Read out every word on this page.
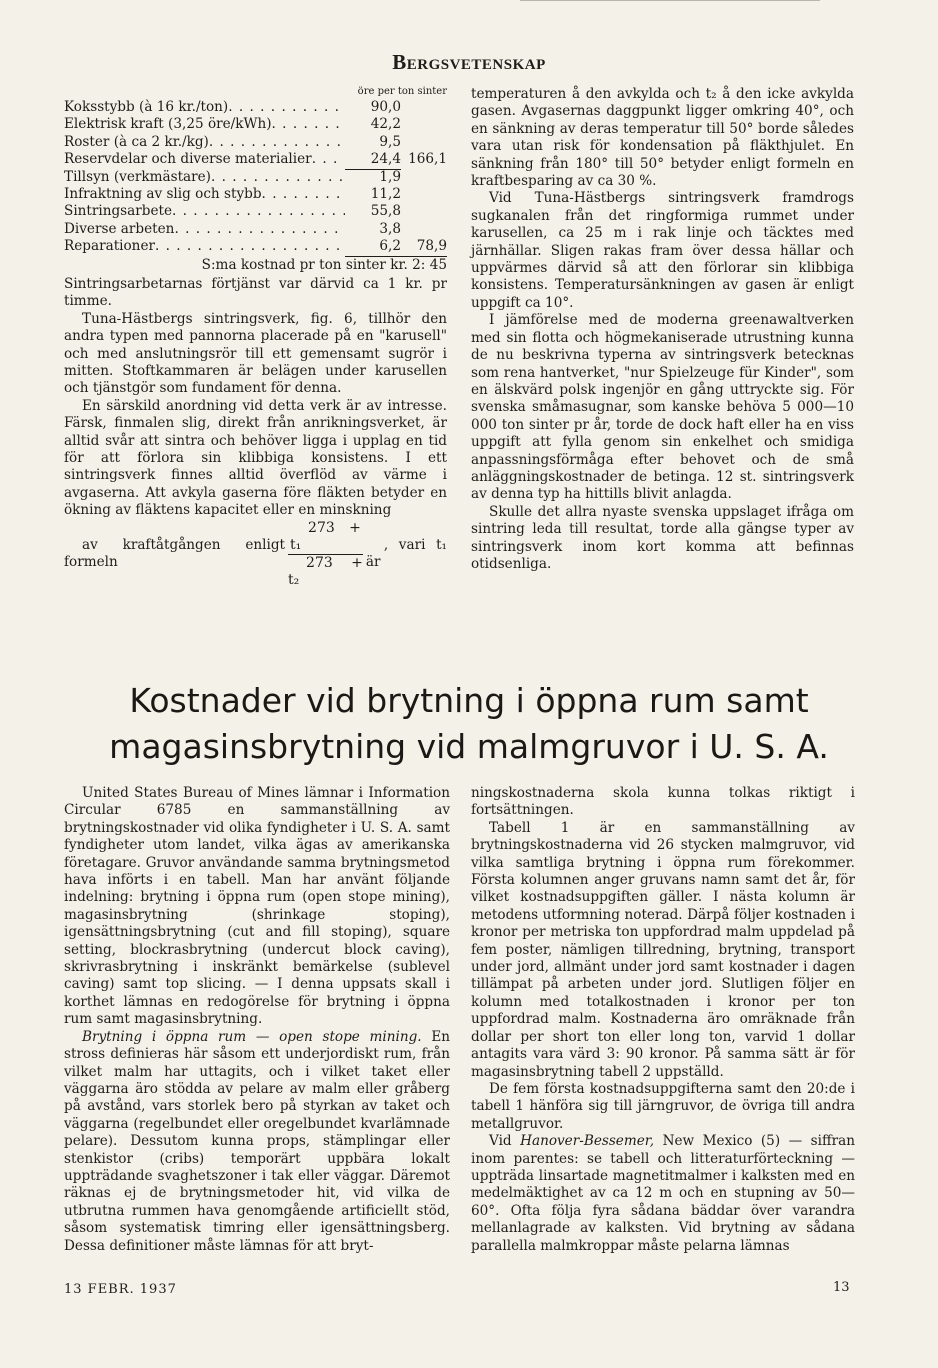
Bergsvetenskap
öre per ton sinter
Koksstybb (à 16 kr./ton) . . .	90,0
Elektrisk kraft (3,25 öre/kWh) . . .	42,2
Roster (à ca 2 kr./kg) . . .	9,5
Reservdelar och diverse materialier . . .	24,4 166,1
Tillsyn (verkmästare) . . .	1,9
Infraktning av slig och stybb . . .	11,2
Sintringsarbete . . .	55,8
Diverse arbeten . . .	3,8
Reparationer . . .	6,2	78,9
S:ma kostnad pr ton sinter kr. 2: 45

Sintringsarbetarnas förtjänst var därvid ca 1 kr. pr timme.

Tuna-Hästbergs sintringsverk, fig. 6, tillhör den andra typen med pannorna placerade på en "karusell" och med anslutningsrör till ett gemensamt sugrör i mitten. Stoftkammaren är belägen under karusellen och tjänstgör som fundament för denna.

En särskild anordning vid detta verk är av intresse. Färsk, finmalen slig, direkt från anrikningsverket, är alltid svår att sintra och behöver ligga i upplag en tid för att förlora sin klibbiga konsistens. I ett sintringsverk finnes alltid överflöd av värme i avgaserna. Att avkyla gaserna före fläkten betyder en ökning av fläktens kapacitet eller en minskning

av kraftåtgången enligt formeln	$\frac{\text{273 + t₁}}{\text{273 + t₂}}$	, vari t₁ är

temperaturen å den avkylda och t₂ å den icke avkylda gasen. Avgasernas daggpunkt ligger omkring 40°, och en sänkning av deras temperatur till 50° borde således vara utan risk för kondensation på fläkthjulet. En sänkning från 180° till 50° betyder enligt formeln en kraftbesparing av ca 30 %.

Vid Tuna-Hästbergs sintringsverk framdrogs sugkanalen från det ringformiga rummet under karusellen, ca 25 m i rak linje och täcktes med järnhällar. Sligen rakas fram över dessa hällar och uppvärmes därvid så att den förlorar sin klibbiga konsistens. Temperatursänkningen av gasen är enligt uppgift ca 10°.

I jämförelse med de moderna greenawaltverken med sin flotta och högmekaniserade utrustning kunna de nu beskrivna typerna av sintringsverk betecknas som rena hantverket, "nur Spielzeuge für Kinder", som en älskvärd polsk ingenjör en gång uttryckte sig. För svenska småmasugnar, som kanske behöva 5 000—10 000 ton sinter pr år, torde de dock haft eller ha en viss uppgift att fylla genom sin enkelhet och smidiga anpassningsförmåga efter behovet och de små anläggningskostnader de betinga. 12 st. sintringsverk av denna typ ha hittills blivit anlagda.

Skulle det allra nyaste svenska uppslaget ifråga om sintring leda till resultat, torde alla gängse typer av sintringsverk inom kort komma att befinnas otidsenliga.

Kostnader vid brytning i öppna rum samt magasinsbrytning vid malmgruvor i U. S. A.

United States Bureau of Mines lämnar i Information Circular 6785 en sammanställning av brytningskostnader vid olika fyndigheter i U. S. A. samt fyndigheter utom landet, vilka ägas av amerikanska företagare. Gruvor användande samma brytningsmetod hava införts i en tabell. Man har använt följande indelning: brytning i öppna rum (open stope mining), magasinsbrytning (shrinkage stoping), igensättningsbrytning (cut and fill stoping), square setting, blockrasbrytning (undercut block caving), skrivrasbrytning i inskränkt bemärkelse (sublevel caving) samt top slicing. — I denna uppsats skall i korthet lämnas en redogörelse för brytning i öppna rum samt magasinsbrytning.

Brytning i öppna rum — open stope mining. En stross definieras här såsom ett underjordiskt rum, från vilket malm har uttagits, och i vilket taket eller väggarna äro stödda av pelare av malm eller gråberg på avstånd, vars storlek bero på styrkan av taket och väggarna (regelbundet eller oregelbundet kvarlämnade pelare). Dessutom kunna props, stämplingar eller stenkistor (cribs) temporärt uppbära lokalt uppträdande svaghetszoner i tak eller väggar. Däremot räknas ej de brytningsmetoder hit, vid vilka de utbrutna rummen hava genomgående artificiellt stöd, såsom systematisk timring eller igensättningsberg. Dessa definitioner måste lämnas för att bryt-

ningskostnaderna skola kunna tolkas riktigt i fortsättningen.

Tabell 1 är en sammanställning av brytningskostnaderna vid 26 stycken malmgruvor, vid vilka samtliga brytning i öppna rum förekommer. Första kolumnen anger gruvans namn samt det år, för vilket kostnadsuppgiften gäller. I nästa kolumn är metodens utformning noterad. Därpå följer kostnaden i kronor per metriska ton uppfordrad malm uppdelad på fem poster, nämligen tillredning, brytning, transport under jord, allmänt under jord samt kostnader i dagen tillämpat på arbeten under jord. Slutligen följer en kolumn med totalkostnaden i kronor per ton uppfordrad malm. Kostnaderna äro omräknade från dollar per short ton eller long ton, varvid 1 dollar antagits vara värd 3: 90 kronor. På samma sätt är för magasinsbrytning tabell 2 uppställd.

De fem första kostnadsuppgifterna samt den 20:de i tabell 1 hänföra sig till järngruvor, de övriga till andra metallgruvor.

Vid Hanover-Bessemer, New Mexico (5) — siffran inom parentes: se tabell och litteraturförteckning — uppträda linsartade magnetitmalmer i kalksten med en medelmäktighet av ca 12 m och en stupning av 50—60°. Ofta följa fyra sådana bäddar över varandra mellanlagrade av kalksten. Vid brytning av sådana parallella malmkroppar måste pelarna lämnas

13 FEBR. 1937	13
